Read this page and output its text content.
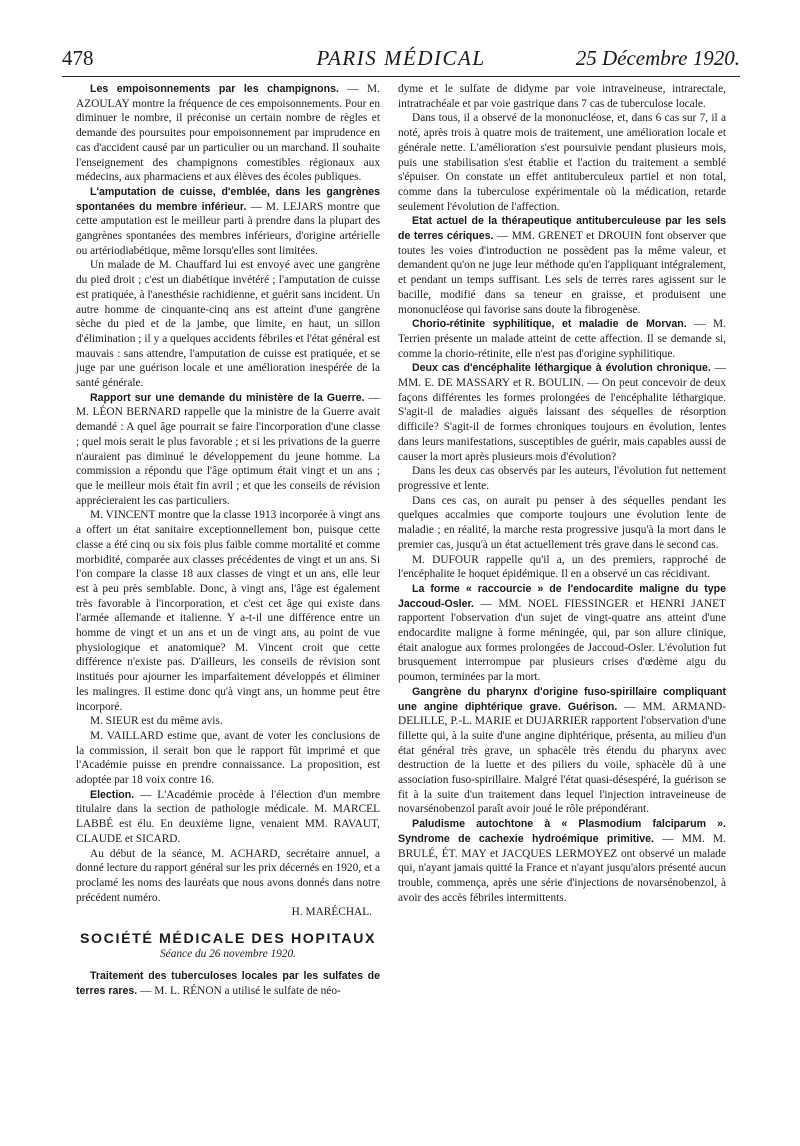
478	PARIS MÉDICAL	25 Décembre 1920.

Les empoisonnements par les champignons. — M. AZOULAY montre la fréquence de ces empoisonnements. Pour en diminuer le nombre, il préconise un certain nombre de règles et demande des poursuites pour empoisonnement par imprudence en cas d'accident causé par un particulier ou un marchand. Il souhaite l'enseignement des champignons comestibles régionaux aux médecins, aux pharmaciens et aux élèves des écoles publiques.

L'amputation de cuisse, d'emblée, dans les gangrènes spontanées du membre inférieur. — M. LEJARS montre que cette amputation est le meilleur parti à prendre dans la plupart des gangrènes spontanées des membres inférieurs, d'origine artérielle ou artériodiabétique, même lorsqu'elles sont limitées.

Un malade de M. Chauffard lui est envoyé avec une gangrène du pied droit ; c'est un diabétique invétéré ; l'amputation de cuisse est pratiquée, à l'anesthésie rachidienne, et guérit sans incident. Un autre homme de cinquante-cinq ans est atteint d'une gangrène sèche du pied et de la jambe, que limite, en haut, un sillon d'élimination ; il y a quelques accidents fébriles et l'état général est mauvais : sans attendre, l'amputation de cuisse est pratiquée, et se juge par une guérison locale et une amélioration inespérée de la santé générale.

Rapport sur une demande du ministère de la Guerre. — M. LÉON BERNARD rappelle que la ministre de la Guerre avait demandé : A quel âge pourrait se faire l'incorporation d'une classe ; quel mois serait le plus favorable ; et si les privations de la guerre n'auraient pas diminué le développement du jeune homme. La commission a répondu que l'âge optimum était vingt et un ans ; que le meilleur mois était fin avril ; et que les conseils de révision apprécieraient les cas particuliers.

M. VINCENT montre que la classe 1913 incorporée à vingt ans a offert un état sanitaire exceptionnellement bon, puisque cette classe a été cinq ou six fois plus faible comme mortalité et comme morbidité, comparée aux classes précédentes de vingt et un ans. Si l'on compare la classe 18 aux classes de vingt et un ans, elle leur est à peu près semblable. Donc, à vingt ans, l'âge est également très favorable à l'incorporation, et c'est cet âge qui existe dans l'armée allemande et italienne. Y a-t-il une différence entre un homme de vingt et un ans et un de vingt ans, au point de vue physiologique et anatomique? M. Vincent croit que cette différence n'existe pas. D'ailleurs, les conseils de révision sont institués pour ajourner les imparfaitement développés et éliminer les malingres. Il estime donc qu'à vingt ans, un homme peut être incorporé.

M. SIEUR est du même avis.

M. VAILLARD estime que, avant de voter les conclusions de la commission, il serait bon que le rapport fût imprimé et que l'Académie puisse en prendre connaissance. La proposition, est adoptée par 18 voix contre 16.

Election. — L'Académie procède à l'élection d'un membre titulaire dans la section de pathologie médicale. M. MARCEL LABBÉ est élu. En deuxième ligne, venaient MM. RAVAUT, CLAUDE et SICARD.

Au début de la séance, M. ACHARD, secrétaire annuel, a donné lecture du rapport général sur les prix décernés en 1920, et a proclamé les noms des lauréats que nous avons donnés dans notre précédent numéro.

H. MARÉCHAL.

SOCIÉTÉ MÉDICALE DES HOPITAUX

Séance du 26 novembre 1920.

Traitement des tuberculoses locales par les sulfates de terres rares. — M. L. RÉNON a utilisé le sulfate de néo-

dyme et le sulfate de didyme par voie intraveineuse, intrarectale, intratrachéale et par voie gastrique dans 7 cas de tuberculose locale.

Dans tous, il a observé de la mononucléose, et, dans 6 cas sur 7, il a noté, après trois à quatre mois de traitement, une amélioration locale et générale nette. L'amélioration s'est poursuivie pendant plusieurs mois, puis une stabilisation s'est établie et l'action du traitement a semblé s'épuiser. On constate un effet antituberculeux partiel et non total, comme dans la tuberculose expérimentale où la médication, retarde seulement l'évolution de l'affection.

Etat actuel de la thérapeutique antituberculeuse par les sels de terres cériques. — MM. GRENET et DROUIN font observer que toutes les voies d'introduction ne possèdent pas la même valeur, et demandent qu'on ne juge leur méthode qu'en l'appliquant intégralement, et pendant un temps suffisant. Les sels de terres rares agissent sur le bacille, modifié dans sa teneur en graisse, et produisent une mononucléose qui favorise sans doute la fibrogenèse.

Chorio-rétinite syphilitique, et maladie de Morvan. — M. Terrien présente un malade atteint de cette affection. Il se demande si, comme la chorio-rétinite, elle n'est pas d'origine syphilitique.

Deux cas d'encéphalite léthargique à évolution chronique. — MM. E. DE MASSARY et R. BOULIN. — On peut concevoir de deux façons différentes les formes prolongées de l'encéphalite léthargique. S'agit-il de maladies aiguës laissant des séquelles de résorption difficile? S'agit-il de formes chroniques toujours en évolution, lentes dans leurs manifestations, susceptibles de guérir, mais capables aussi de causer la mort après plusieurs mois d'évolution?

Dans les deux cas observés par les auteurs, l'évolution fut nettement progressive et lente.

Dans ces cas, on aurait pu penser à des séquelles pendant les quelques accalmies que comporte toujours une évolution lente de maladie ; en réalité, la marche resta progressive jusqu'à la mort dans le premier cas, jusqu'à un état actuellement très grave dans le second cas.

M. DUFOUR rappelle qu'il a, un des premiers, rapproché de l'encéphalite le hoquet épidémique. Il en a observé un cas récidivant.

La forme « raccourcie » de l'endocardite maligne du type Jaccoud-Osler. — MM. NOEL FIESSINGER et HENRI JANET rapportent l'observation d'un sujet de vingt-quatre ans atteint d'une endocardite maligne à forme méningée, qui, par son allure clinique, était analogue aux formes prolongées de Jaccoud-Osler. L'évolution fut brusquement interrompue par plusieurs crises d'œdème aigu du poumon, terminées par la mort.

Gangrène du pharynx d'origine fuso-spirillaire compliquant une angine diphtérique grave. Guérison. — MM. ARMAND-DELILLE, P.-L. MARIE et DUJARRIER rapportent l'observation d'une fillette qui, à la suite d'une angine diphtérique, présenta, au milieu d'un état général très grave, un sphacèle très étendu du pharynx avec destruction de la luette et des piliers du voile, sphacèle dû à une association fuso-spirillaire. Malgré l'état quasi-désespéré, la guérison se fit à la suite d'un traitement dans lequel l'injection intraveineuse de novarsénobenzol paraît avoir joué le rôle prépondérant.

Paludisme autochtone à « Plasmodium falciparum ». Syndrome de cachexie hydroémique primitive. — MM. M. BRULÉ, ÉT. MAY et JACQUES LERMOYEZ ont observé un malade qui, n'ayant jamais quitté la France et n'ayant jusqu'alors présenté aucun trouble, commença, après une série d'injections de novarsénobenzol, à avoir des accès fébriles intermittents.
